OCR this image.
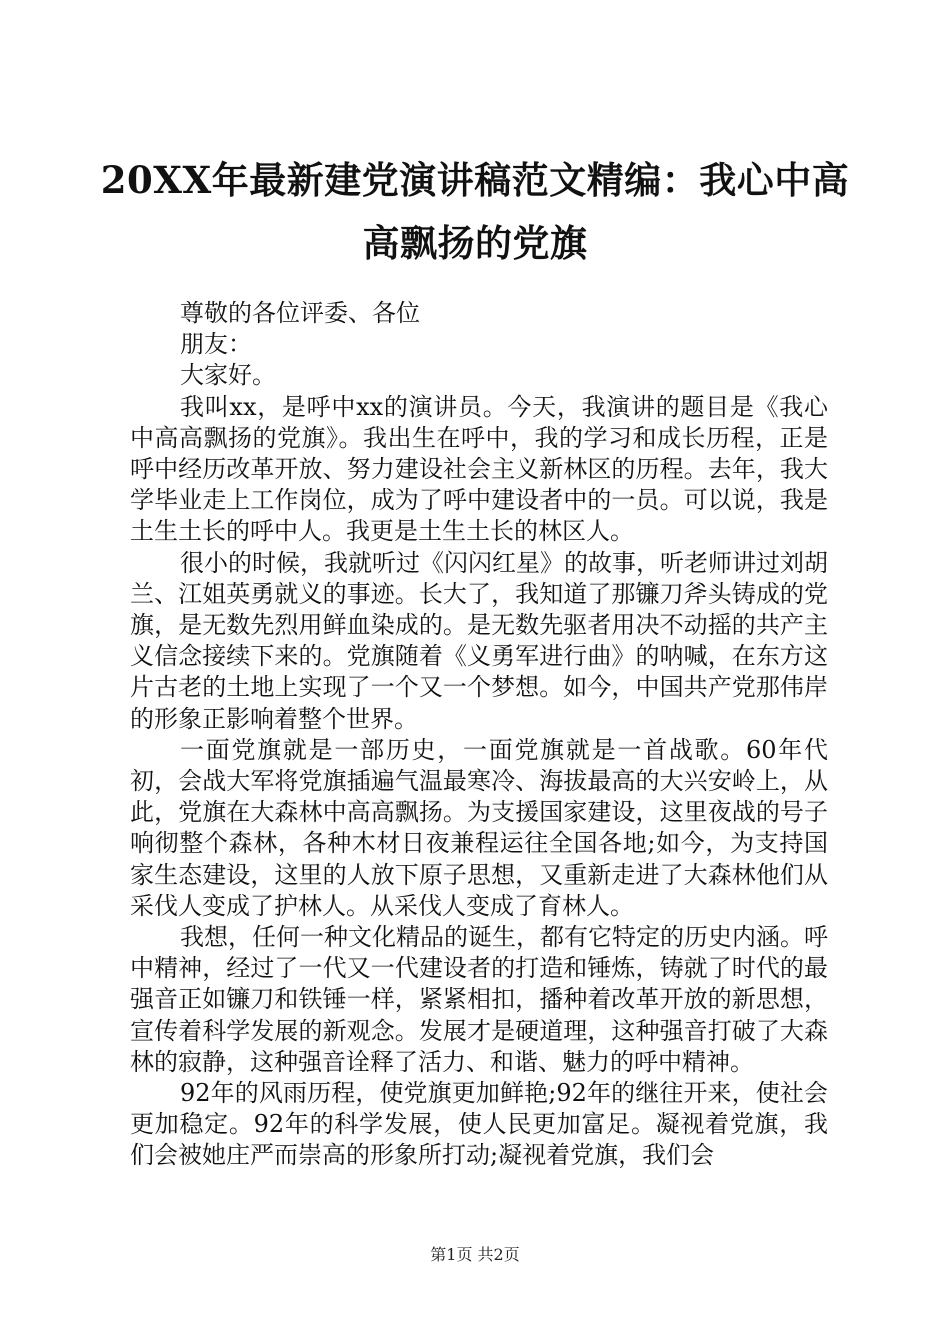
20XX年最新建党演讲稿范文精编：我心中高
高飘扬的党旗

尊敬的各位评委、各位

朋友：

大家好。

我叫xx，是呼中xx的演讲员。今天，我演讲的题目是《我心中高高飘扬的党旗》。我出生在呼中，我的学习和成长历程，正是呼中经历改革开放、努力建设社会主义新林区的历程。去年，我大学毕业走上工作岗位，成为了呼中建设者中的一员。可以说，我是土生土长的呼中人。我更是土生土长的林区人。

很小的时候，我就听过《闪闪红星》的故事，听老师讲过刘胡兰、江姐英勇就义的事迹。长大了，我知道了那镰刀斧头铸成的党旗，是无数先烈用鲜血染成的。是无数先驱者用决不动摇的共产主义信念接续下来的。党旗随着《义勇军进行曲》的呐喊，在东方这片古老的土地上实现了一个又一个梦想。如今，中国共产党那伟岸的形象正影响着整个世界。

一面党旗就是一部历史，一面党旗就是一首战歌。60年代初，会战大军将党旗插遍气温最寒冷、海拔最高的大兴安岭上，从此，党旗在大森林中高高飘扬。为支援国家建设，这里夜战的号子响彻整个森林，各种木材日夜兼程运往全国各地;如今，为支持国家生态建设，这里的人放下原子思想，又重新走进了大森林他们从采伐人变成了护林人。从采伐人变成了育林人。

我想，任何一种文化精品的诞生，都有它特定的历史内涵。呼中精神，经过了一代又一代建设者的打造和锤炼，铸就了时代的最强音正如镰刀和铁锤一样，紧紧相扣，播种着改革开放的新思想，宣传着科学发展的新观念。发展才是硬道理，这种强音打破了大森林的寂静，这种强音诠释了活力、和谐、魅力的呼中精神。

92年的风雨历程，使党旗更加鲜艳;92年的继往开来，使社会更加稳定。92年的科学发展，使人民更加富足。凝视着党旗，我们会被她庄严而崇高的形象所打动;凝视着党旗，我们会

第1页 共2页
